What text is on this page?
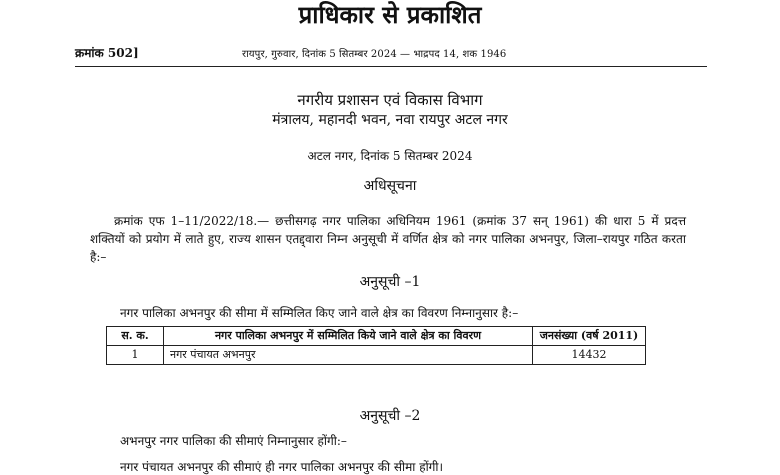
प्राधिकार से प्रकाशित
क्रमांक 502]	रायपुर, गुरुवार, दिनांक 5 सितम्बर 2024 — भाद्रपद 14, शक 1946
नगरीय प्रशासन एवं विकास विभाग
मंत्रालय, महानदी भवन, नवा रायपुर अटल नगर
अटल नगर, दिनांक 5 सितम्बर 2024
अधिसूचना
क्रमांक एफ 1–11/2022/18.— छत्तीसगढ़ नगर पालिका अधिनियम 1961 (क्रमांक 37 सन् 1961) की धारा 5 में प्रदत्त शक्तियों को प्रयोग में लाते हुए, राज्य शासन एतद्द्वारा निम्न अनुसूची में वर्णित क्षेत्र को नगर पालिका अभनपुर, जिला–रायपुर गठित करता है:–
अनुसूची –1
नगर पालिका अभनपुर की सीमा में सम्मिलित किए जाने वाले क्षेत्र का विवरण निम्नानुसार है:–
स. क.	नगर पालिका अभनपुर में सम्मिलित किये जाने वाले क्षेत्र का विवरण	जनसंख्या (वर्ष 2011)
1	नगर पंचायत अभनपुर	14432
अनुसूची –2
अभनपुर नगर पालिका की सीमाएं निम्नानुसार होंगी:–
नगर पंचायत अभनपुर की सीमाएं ही नगर पालिका अभनपुर की सीमा होंगी।
